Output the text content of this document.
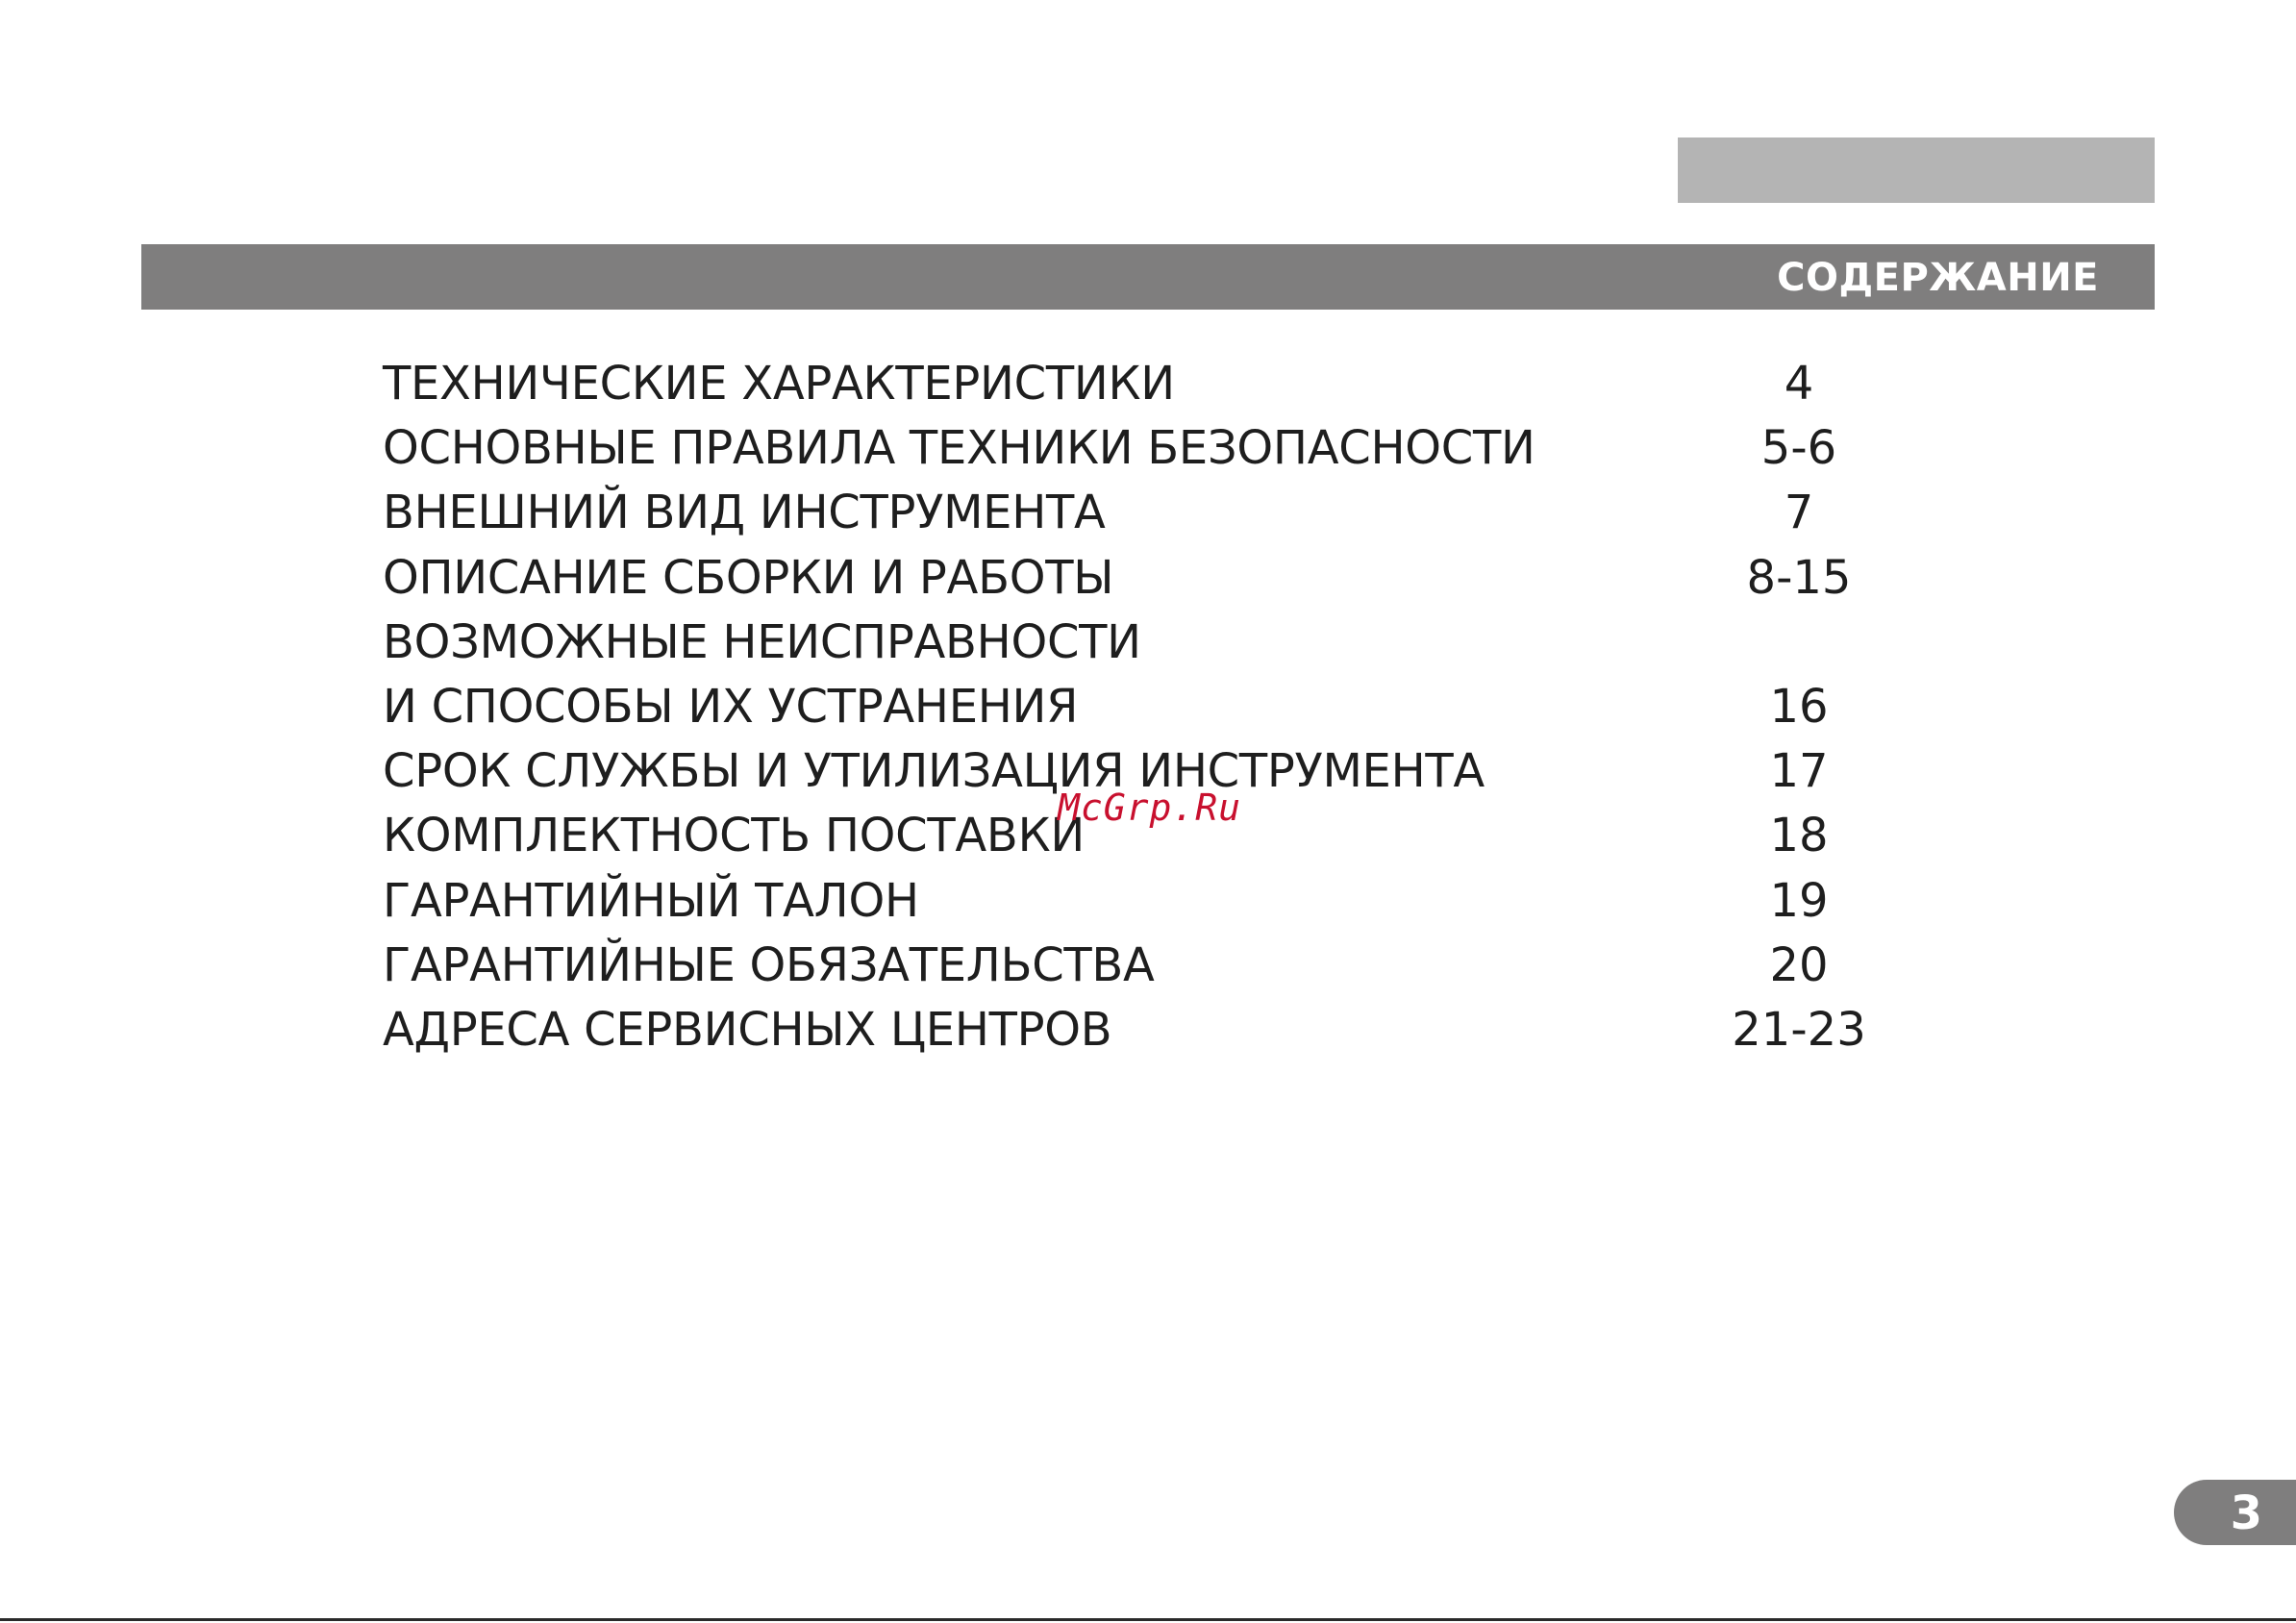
СОДЕРЖАНИЕ
ТЕХНИЧЕСКИЕ ХАРАКТЕРИСТИКИ	4
ОСНОВНЫЕ ПРАВИЛА ТЕХНИКИ БЕЗОПАСНОСТИ	5-6
ВНЕШНИЙ ВИД ИНСТРУМЕНТА	7
ОПИСАНИЕ СБОРКИ И РАБОТЫ	8-15
ВОЗМОЖНЫЕ НЕИСПРАВНОСТИ
И СПОСОБЫ ИХ УСТРАНЕНИЯ	16
СРОК СЛУЖБЫ И УТИЛИЗАЦИЯ ИНСТРУМЕНТА	17
КОМПЛЕКТНОСТЬ ПОСТАВКИ	18
ГАРАНТИЙНЫЙ ТАЛОН	19
ГАРАНТИЙНЫЕ ОБЯЗАТЕЛЬСТВА	20
АДРЕСА СЕРВИСНЫХ ЦЕНТРОВ	21-23
McGrp.Ru
3
